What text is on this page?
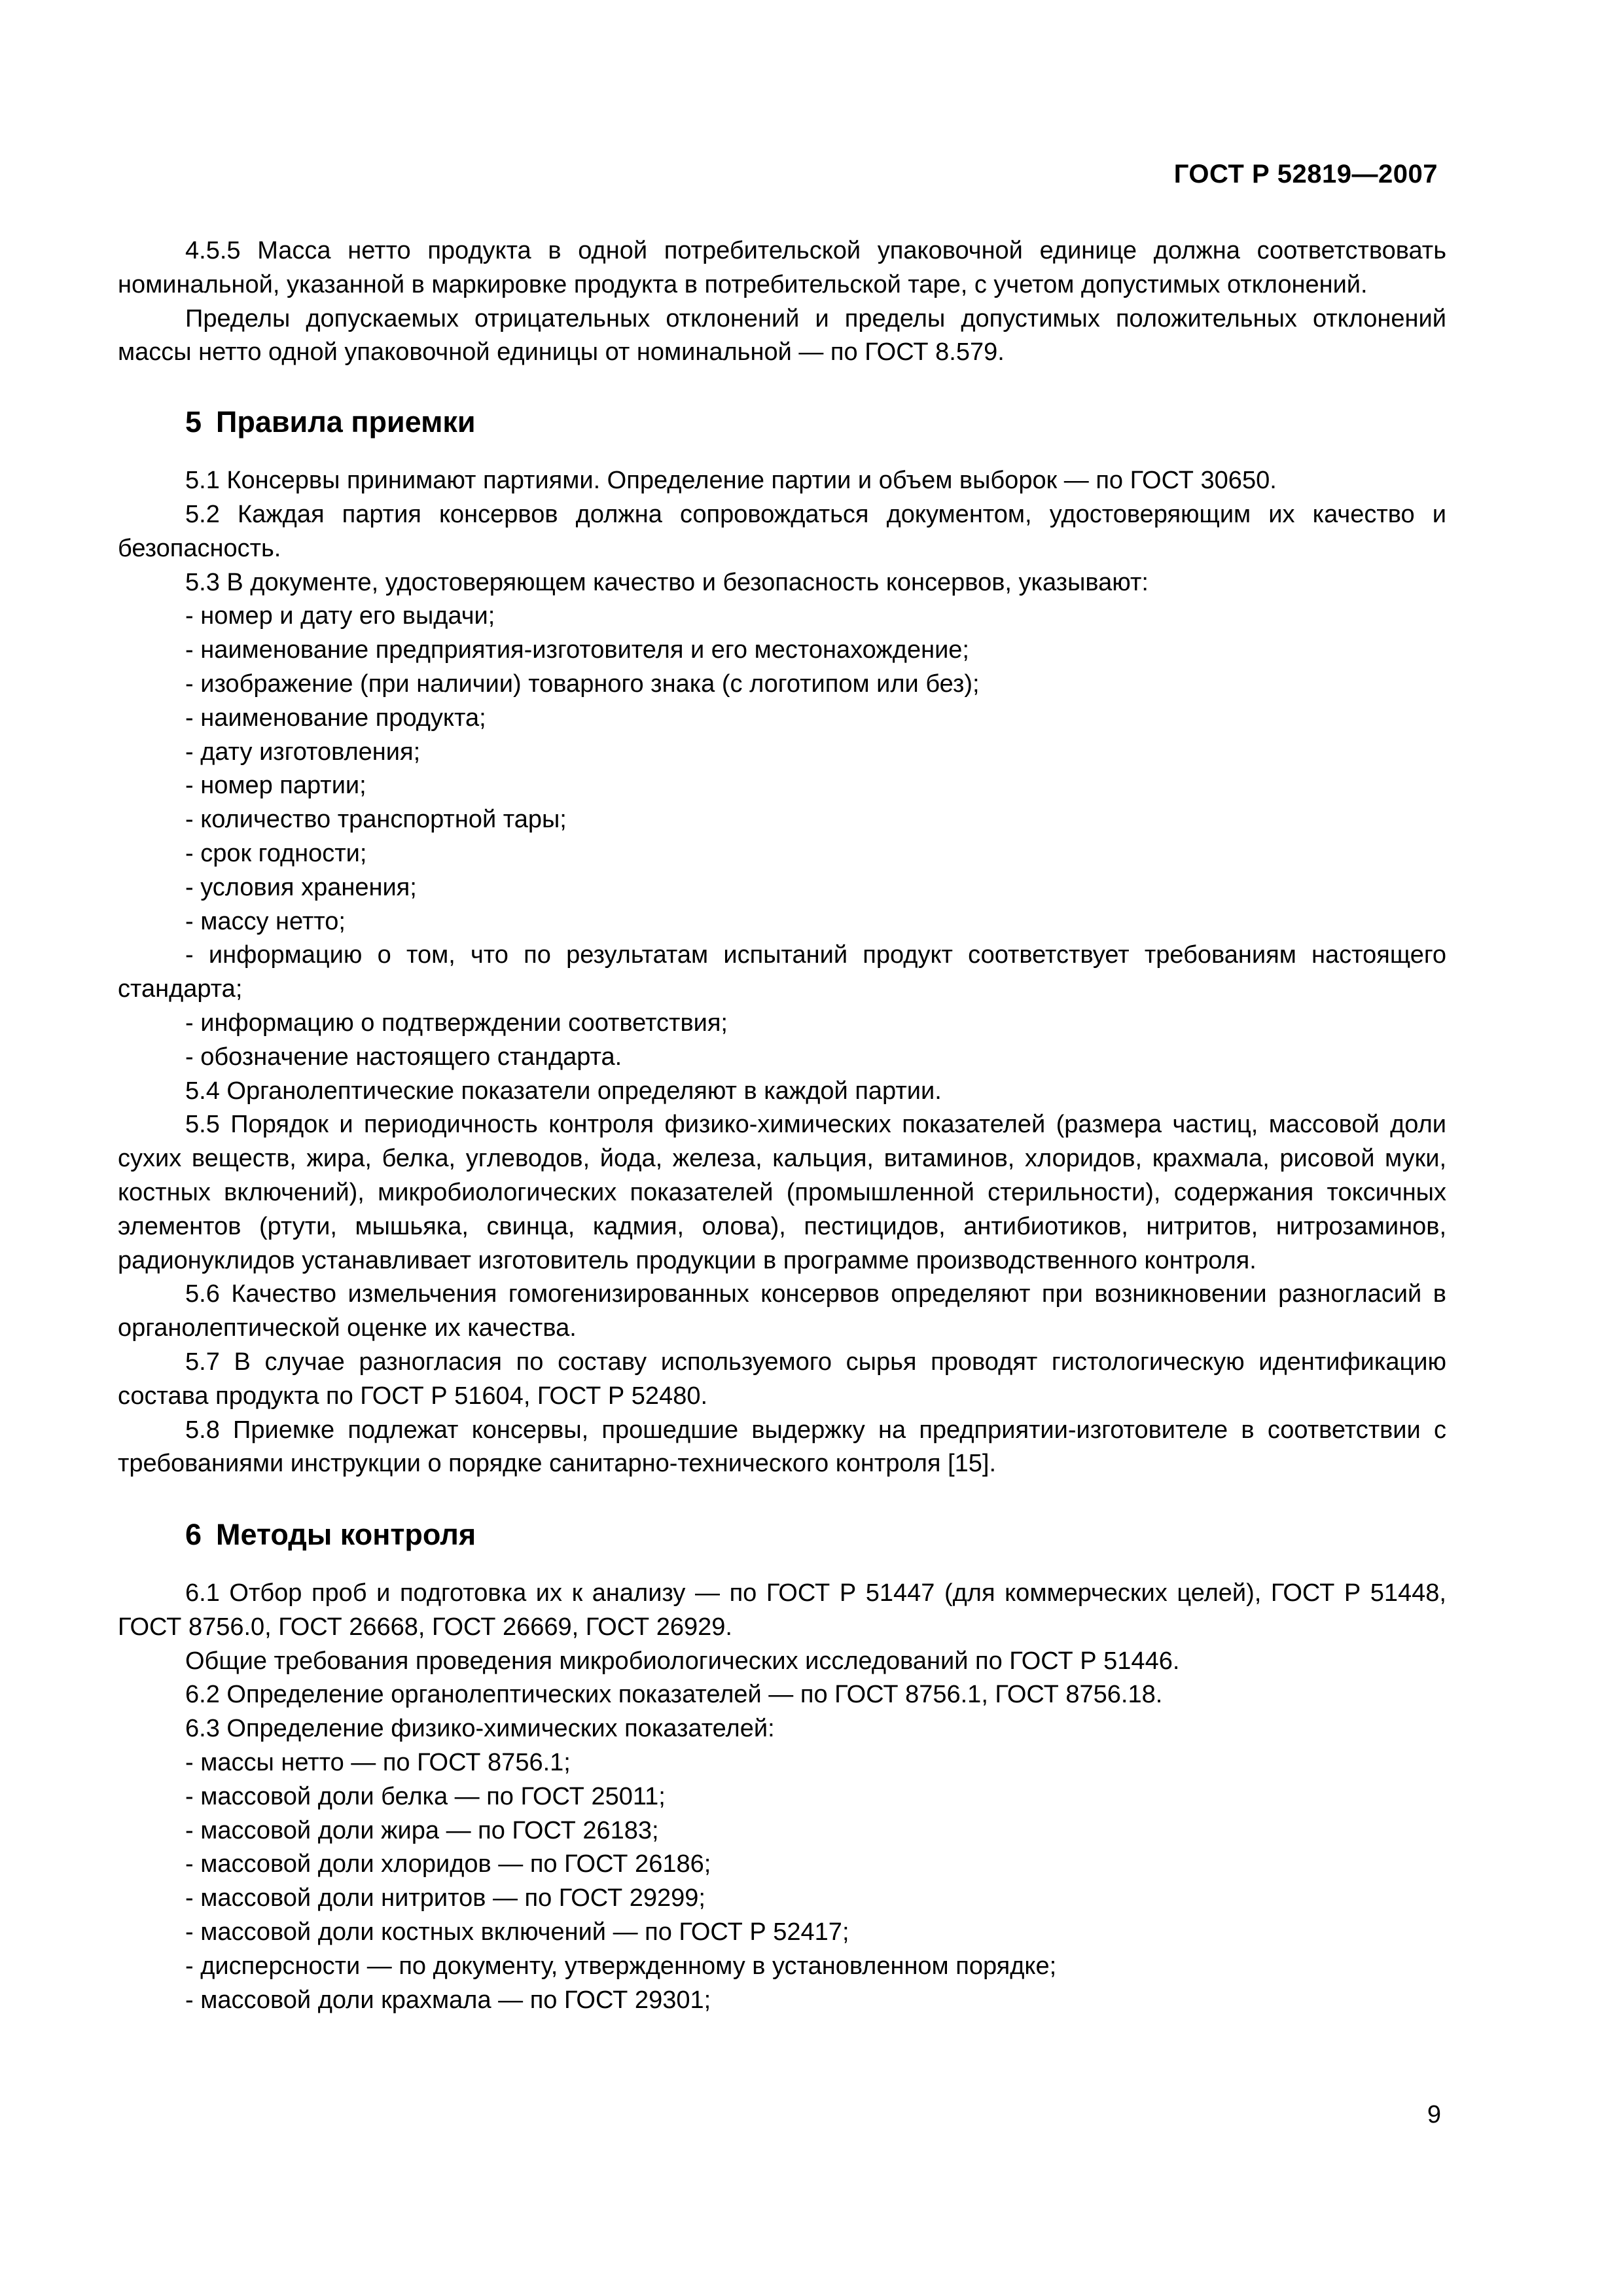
ГОСТ Р 52819—2007

4.5.5 Масса нетто продукта в одной потребительской упаковочной единице должна соответствовать номинальной, указанной в маркировке продукта в потребительской таре, с учетом допустимых отклонений.

Пределы допускаемых отрицательных отклонений и пределы допустимых положительных отклонений массы нетто одной упаковочной единицы от номинальной — по ГОСТ 8.579.

5 Правила приемки

5.1 Консервы принимают партиями. Определение партии и объем выборок — по ГОСТ 30650.

5.2 Каждая партия консервов должна сопровождаться документом, удостоверяющим их качество и безопасность.

5.3 В документе, удостоверяющем качество и безопасность консервов, указывают:

- номер и дату его выдачи;

- наименование предприятия-изготовителя и его местонахождение;

- изображение (при наличии) товарного знака (с логотипом или без);

- наименование продукта;

- дату изготовления;

- номер партии;

- количество транспортной тары;

- срок годности;

- условия хранения;

- массу нетто;

- информацию о том, что по результатам испытаний продукт соответствует требованиям настоящего стандарта;

- информацию о подтверждении соответствия;

- обозначение настоящего стандарта.

5.4 Органолептические показатели определяют в каждой партии.

5.5 Порядок и периодичность контроля физико-химических показателей (размера частиц, массовой доли сухих веществ, жира, белка, углеводов, йода, железа, кальция, витаминов, хлоридов, крахмала, рисовой муки, костных включений), микробиологических показателей (промышленной стерильности), содержания токсичных элементов (ртути, мышьяка, свинца, кадмия, олова), пестицидов, антибиотиков, нитритов, нитрозаминов, радионуклидов устанавливает изготовитель продукции в программе производственного контроля.

5.6 Качество измельчения гомогенизированных консервов определяют при возникновении разногласий в органолептической оценке их качества.

5.7 В случае разногласия по составу используемого сырья проводят гистологическую идентификацию состава продукта по ГОСТ Р 51604, ГОСТ Р 52480.

5.8 Приемке подлежат консервы, прошедшие выдержку на предприятии-изготовителе в соответствии с требованиями инструкции о порядке санитарно-технического контроля [15].

6 Методы контроля

6.1 Отбор проб и подготовка их к анализу — по ГОСТ Р 51447 (для коммерческих целей), ГОСТ Р 51448, ГОСТ 8756.0, ГОСТ 26668, ГОСТ 26669, ГОСТ 26929.

Общие требования проведения микробиологических исследований по ГОСТ Р 51446.

6.2 Определение органолептических показателей — по ГОСТ 8756.1, ГОСТ 8756.18.

6.3 Определение физико-химических показателей:

- массы нетто — по ГОСТ 8756.1;

- массовой доли белка — по ГОСТ 25011;

- массовой доли жира — по ГОСТ 26183;

- массовой доли хлоридов — по ГОСТ 26186;

- массовой доли нитритов — по ГОСТ 29299;

- массовой доли костных включений — по ГОСТ Р 52417;

- дисперсности — по документу, утвержденному в установленном порядке;

- массовой доли крахмала — по ГОСТ 29301;

9
